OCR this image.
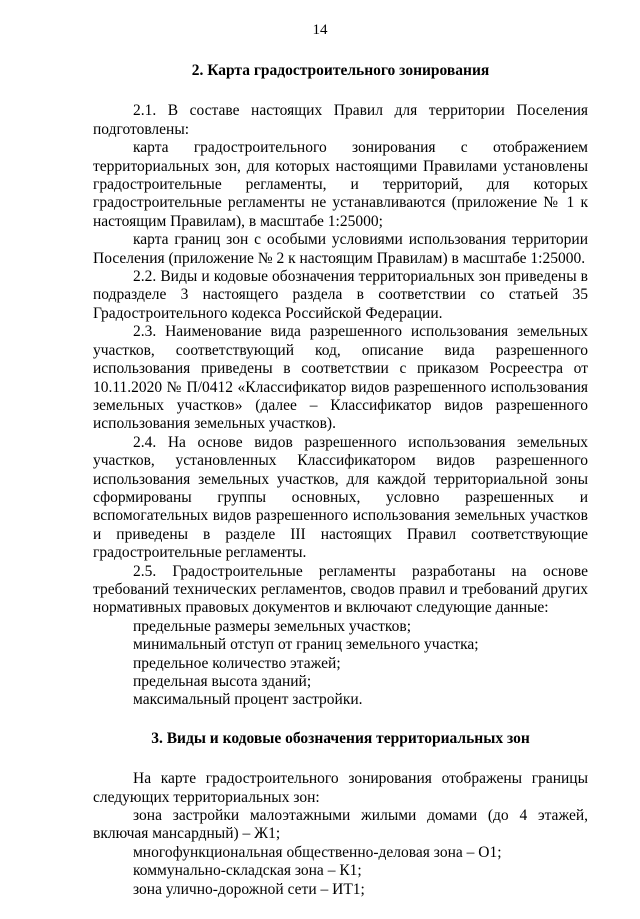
14
2. Карта градостроительного зонирования

2.1. В составе настоящих Правил для территории Поселения подготовлены:

карта градостроительного зонирования с отображением территориальных зон, для которых настоящими Правилами установлены градостроительные регламенты, и территорий, для которых градостроительные регламенты не устанавливаются (приложение № 1 к настоящим Правилам), в масштабе 1:25000;

карта границ зон с особыми условиями использования территории Поселения (приложение № 2 к настоящим Правилам) в масштабе 1:25000.

2.2. Виды и кодовые обозначения территориальных зон приведены в подразделе 3 настоящего раздела в соответствии со статьей 35 Градостроительного кодекса Российской Федерации.

2.3. Наименование вида разрешенного использования земельных участков, соответствующий код, описание вида разрешенного использования приведены в соответствии с приказом Росреестра от 10.11.2020 № П/0412 «Классификатор видов разрешенного использования земельных участков» (далее – Классификатор видов разрешенного использования земельных участков).

2.4. На основе видов разрешенного использования земельных участков, установленных Классификатором видов разрешенного использования земельных участков, для каждой территориальной зоны сформированы группы основных, условно разрешенных и вспомогательных видов разрешенного использования земельных участков и приведены в разделе III настоящих Правил соответствующие градостроительные регламенты.

2.5. Градостроительные регламенты разработаны на основе требований технических регламентов, сводов правил и требований других нормативных правовых документов и включают следующие данные:

предельные размеры земельных участков;

минимальный отступ от границ земельного участка;

предельное количество этажей;

предельная высота зданий;

максимальный процент застройки.

3. Виды и кодовые обозначения территориальных зон

На карте градостроительного зонирования отображены границы следующих территориальных зон:

зона застройки малоэтажными жилыми домами (до 4 этажей, включая мансардный) – Ж1;

многофункциональная общественно-деловая зона – О1;

коммунально-складская зона – К1;

зона улично-дорожной сети – ИТ1;
